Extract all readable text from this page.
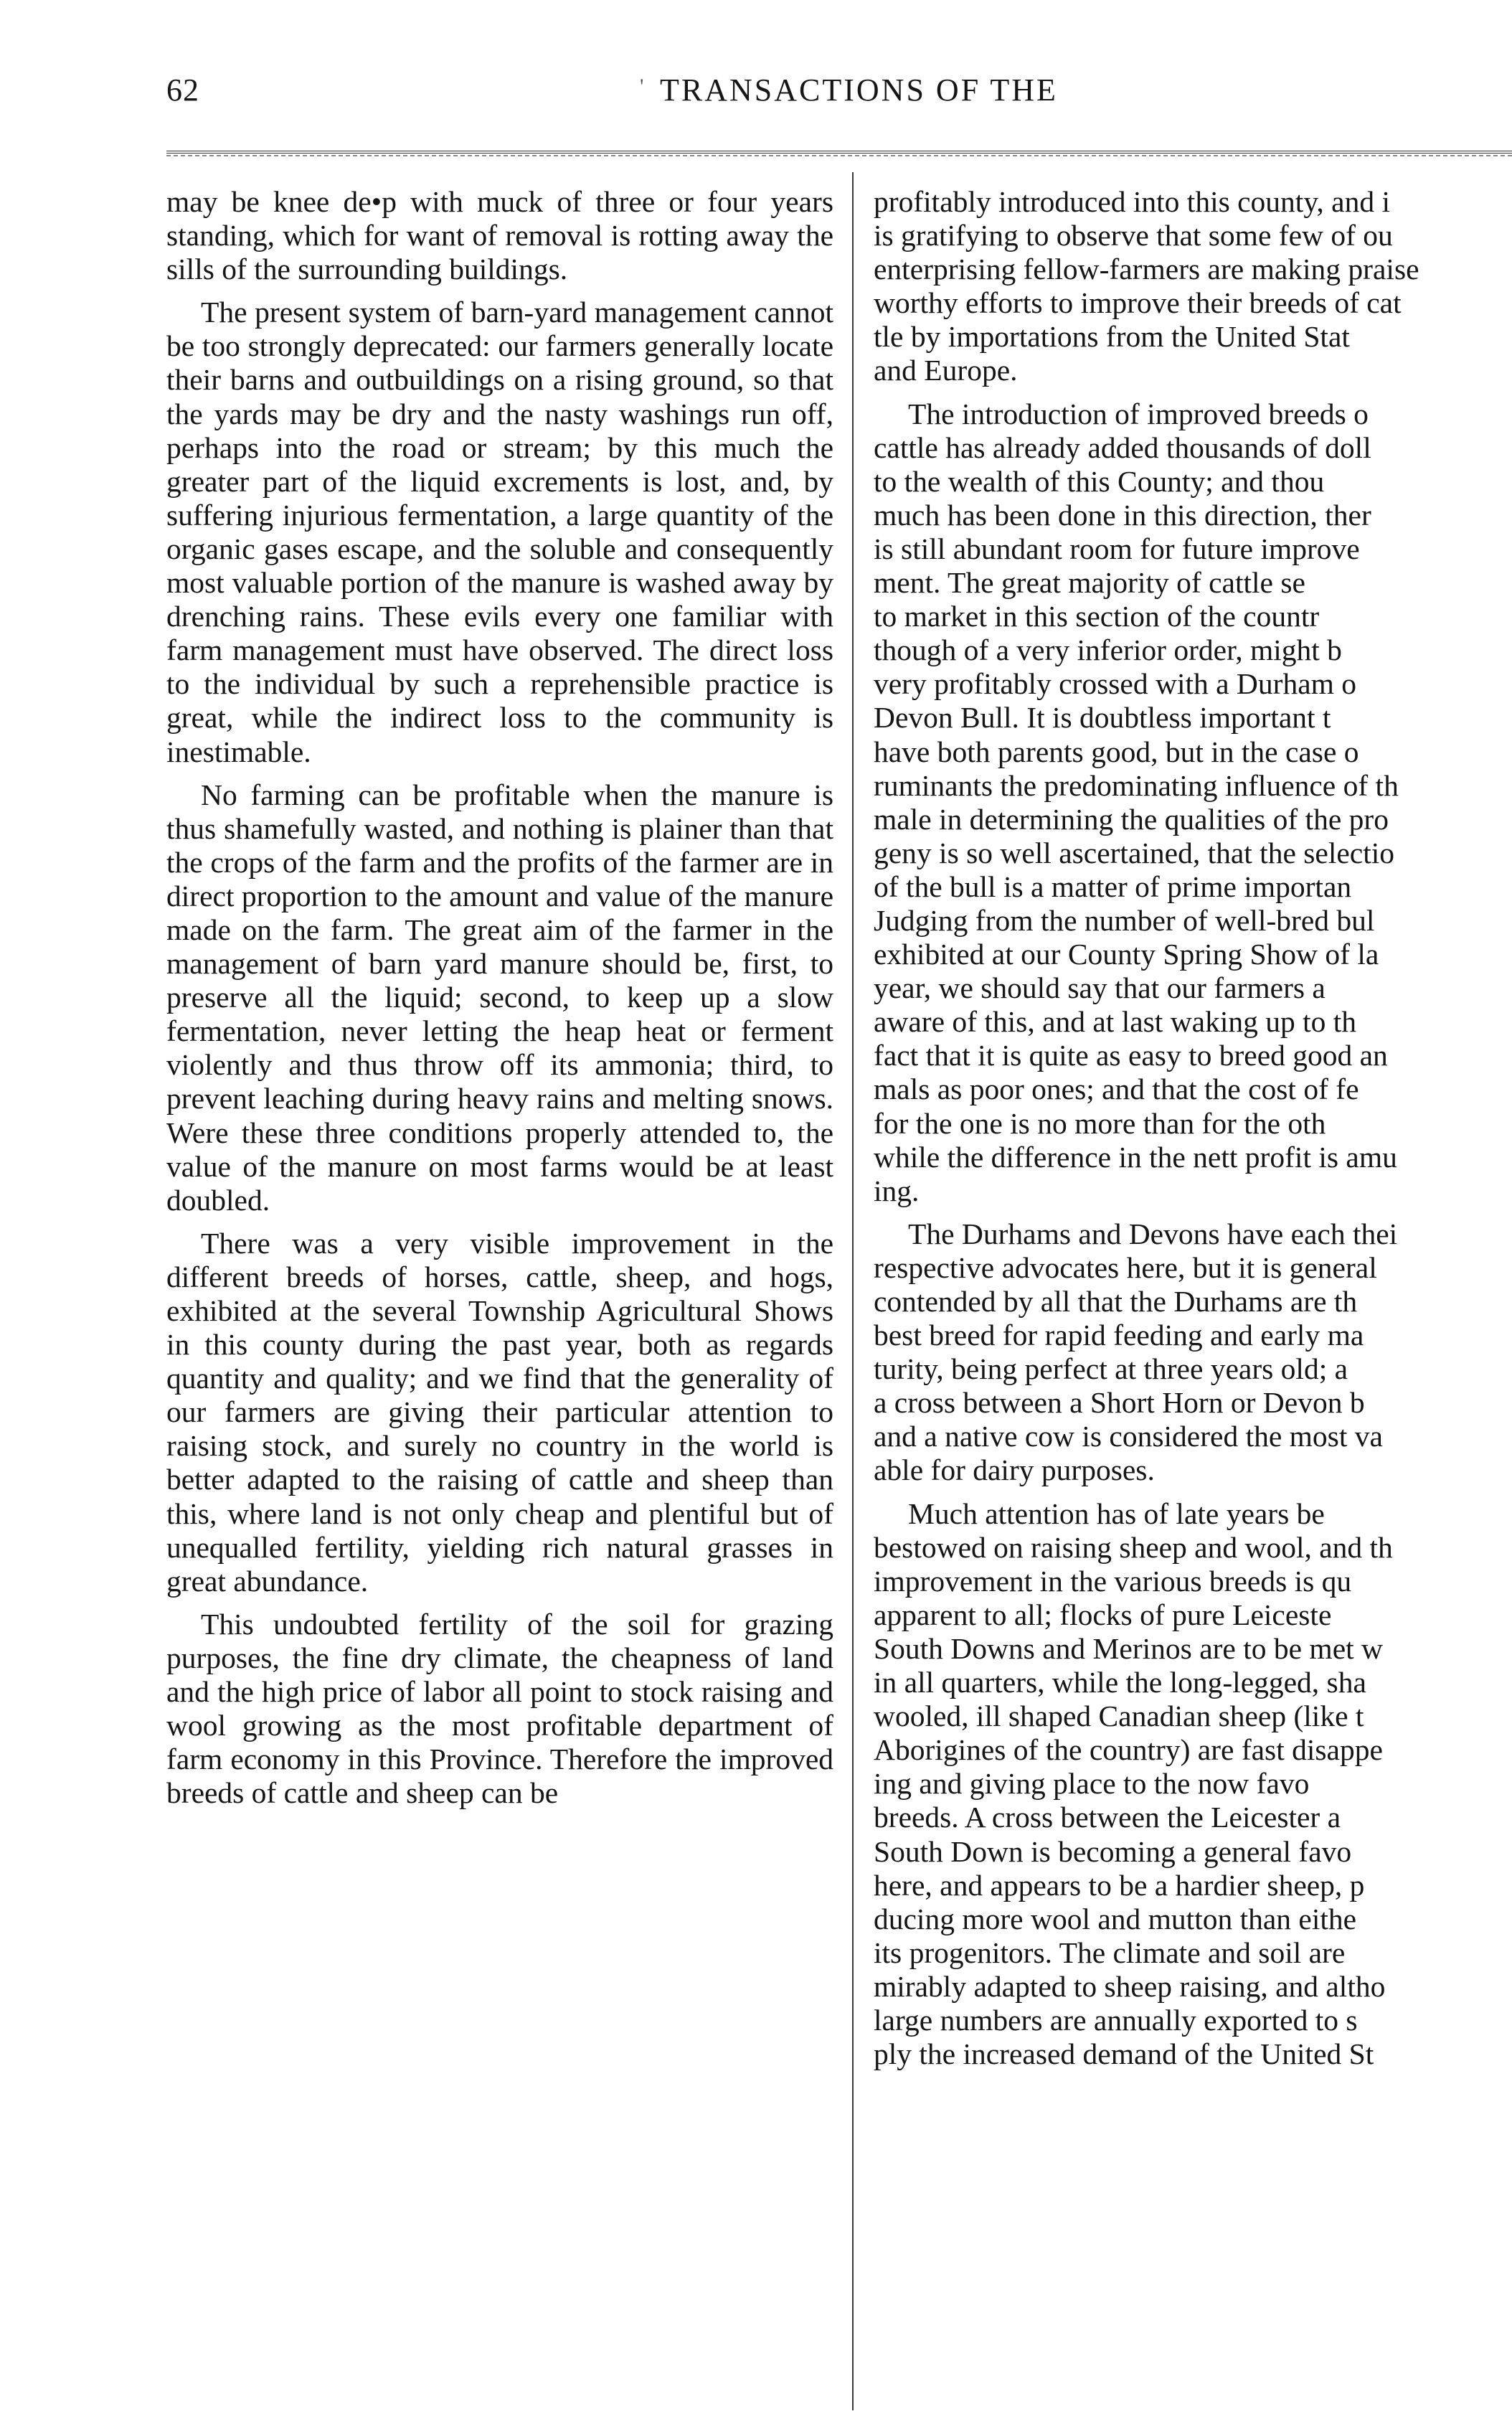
62	' TRANSACTIONS OF THE

may be knee de•p with muck of three or four years standing, which for want of removal is rotting away the sills of the surrounding buildings.

The present system of barn-yard management cannot be too strongly deprecated: our farmers generally locate their barns and outbuildings on a rising ground, so that the yards may be dry and the nasty washings run off, perhaps into the road or stream; by this much the greater part of the liquid excrements is lost, and, by suffering injurious fermentation, a large quantity of the organic gases escape, and the soluble and consequently most valuable portion of the manure is washed away by drenching rains. These evils every one familiar with farm management must have observed. The direct loss to the individual by such a reprehensible practice is great, while the indirect loss to the community is inestimable.

No farming can be profitable when the manure is thus shamefully wasted, and nothing is plainer than that the crops of the farm and the profits of the farmer are in direct proportion to the amount and value of the manure made on the farm. The great aim of the farmer in the management of barn yard manure should be, first, to preserve all the liquid; second, to keep up a slow fermentation, never letting the heap heat or ferment violently and thus throw off its ammonia; third, to prevent leaching during heavy rains and melting snows. Were these three conditions properly attended to, the value of the manure on most farms would be at least doubled.

There was a very visible improvement in the different breeds of horses, cattle, sheep, and hogs, exhibited at the several Township Agricultural Shows in this county during the past year, both as regards quantity and quality; and we find that the generality of our farmers are giving their particular attention to raising stock, and surely no country in the world is better adapted to the raising of cattle and sheep than this, where land is not only cheap and plentiful but of unequalled fertility, yielding rich natural grasses in great abundance.

This undoubted fertility of the soil for grazing purposes, the fine dry climate, the cheapness of land and the high price of labor all point to stock raising and wool growing as the most profitable department of farm economy in this Province. Therefore the improved breeds of cattle and sheep can be

profitably introduced into this county, and i
is gratifying to observe that some few of ou
enterprising fellow-farmers are making praise
worthy efforts to improve their breeds of cat
tle by importations from the United Stat
and Europe.

The introduction of improved breeds o
cattle has already added thousands of doll
to the wealth of this County; and thou
much has been done in this direction, ther
is still abundant room for future improve
ment. The great majority of cattle se
to market in this section of the countr
though of a very inferior order, might b
very profitably crossed with a Durham o
Devon Bull. It is doubtless important t
have both parents good, but in the case o
ruminants the predominating influence of th
male in determining the qualities of the pro
geny is so well ascertained, that the selectio
of the bull is a matter of prime importan
Judging from the number of well-bred bul
exhibited at our County Spring Show of la
year, we should say that our farmers a
aware of this, and at last waking up to th
fact that it is quite as easy to breed good an
mals as poor ones; and that the cost of fe
for the one is no more than for the oth
while the difference in the nett profit is amu
ing.

The Durhams and Devons have each thei
respective advocates here, but it is general
contended by all that the Durhams are th
best breed for rapid feeding and early ma
turity, being perfect at three years old; a
a cross between a Short Horn or Devon b
and a native cow is considered the most va
able for dairy purposes.

Much attention has of late years be
bestowed on raising sheep and wool, and th
improvement in the various breeds is qu
apparent to all; flocks of pure Leiceste
South Downs and Merinos are to be met w
in all quarters, while the long-legged, sha
wooled, ill shaped Canadian sheep (like t
Aborigines of the country) are fast disappe
ing and giving place to the now favo
breeds. A cross between the Leicester a
South Down is becoming a general favo
here, and appears to be a hardier sheep, p
ducing more wool and mutton than eithe
its progenitors. The climate and soil are
mirably adapted to sheep raising, and altho
large numbers are annually exported to s
ply the increased demand of the United St
